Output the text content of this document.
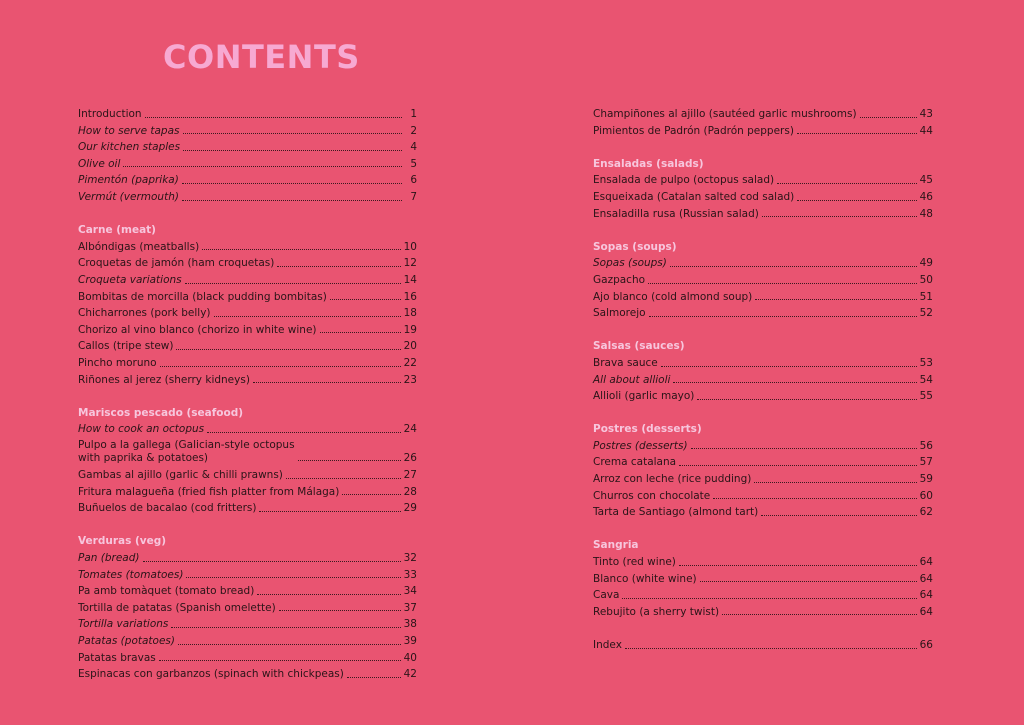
CONTENTS
Introduction	1
How to serve tapas	2
Our kitchen staples	4
Olive oil	5
Pimentón (paprika)	6
Vermút (vermouth)	7
Carne (meat)
Albóndigas (meatballs)	10
Croquetas de jamón (ham croquetas)	12
Croqueta variations	14
Bombitas de morcilla (black pudding bombitas)	16
Chicharrones (pork belly)	18
Chorizo al vino blanco (chorizo in white wine)	19
Callos (tripe stew)	20
Pincho moruno	22
Riñones al jerez (sherry kidneys)	23
Mariscos pescado (seafood)
How to cook an octopus	24
Pulpo a la gallega (Galician-style octopus
with paprika & potatoes)	26
Gambas al ajillo (garlic & chilli prawns)	27
Fritura malagueña (fried fish platter from Málaga)	28
Buñuelos de bacalao (cod fritters)	29
Verduras (veg)
Pan (bread)	32
Tomates (tomatoes)	33
Pa amb tomàquet (tomato bread)	34
Tortilla de patatas (Spanish omelette)	37
Tortilla variations	38
Patatas (potatoes)	39
Patatas bravas	40
Espinacas con garbanzos (spinach with chickpeas)	42
Champiñones al ajillo (sautéed garlic mushrooms)	43
Pimientos de Padrón (Padrón peppers)	44
Ensaladas (salads)
Ensalada de pulpo (octopus salad)	45
Esqueixada (Catalan salted cod salad)	46
Ensaladilla rusa (Russian salad)	48
Sopas (soups)
Sopas (soups)	49
Gazpacho	50
Ajo blanco (cold almond soup)	51
Salmorejo	52
Salsas (sauces)
Brava sauce	53
All about allioli	54
Allioli (garlic mayo)	55
Postres (desserts)
Postres (desserts)	56
Crema catalana	57
Arroz con leche (rice pudding)	59
Churros con chocolate	60
Tarta de Santiago (almond tart)	62
Sangria
Tinto (red wine)	64
Blanco (white wine)	64
Cava	64
Rebujito (a sherry twist)	64
Index	66
